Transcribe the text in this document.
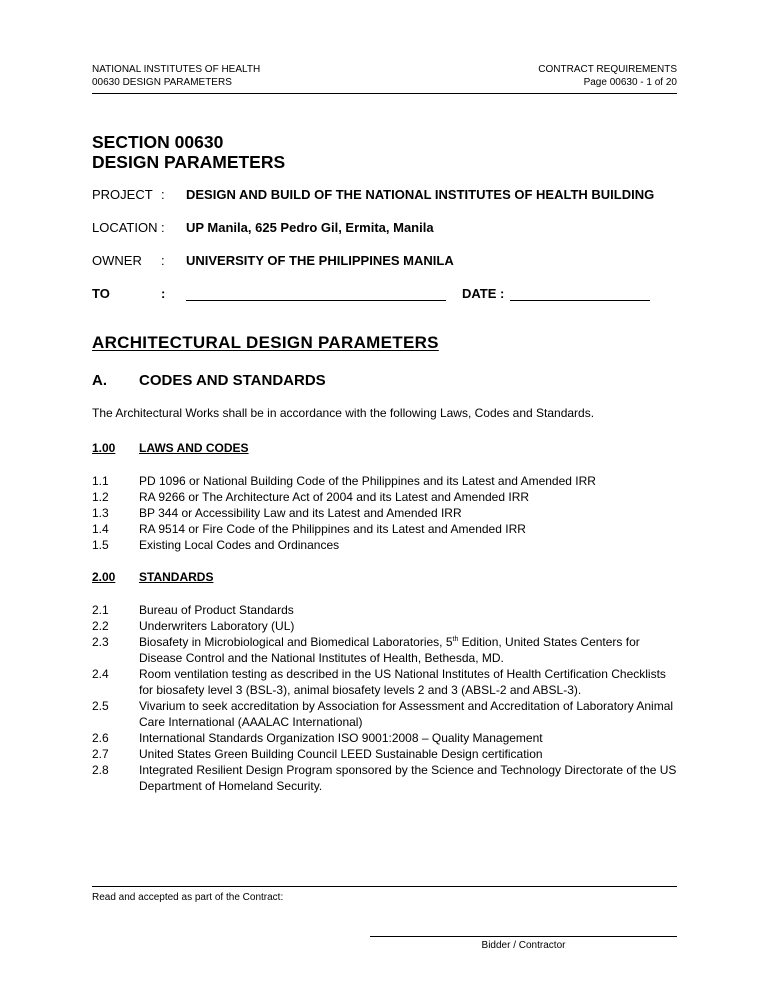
NATIONAL INSTITUTES OF HEALTH
00630 DESIGN PARAMETERS
CONTRACT REQUIREMENTS
Page 00630 - 1 of 20
SECTION 00630
DESIGN PARAMETERS
PROJECT : DESIGN AND BUILD OF THE NATIONAL INSTITUTES OF HEALTH BUILDING
LOCATION : UP Manila, 625 Pedro Gil, Ermita, Manila
OWNER : UNIVERSITY OF THE PHILIPPINES MANILA
TO	:	DATE :
ARCHITECTURAL DESIGN PARAMETERS
A. CODES AND STANDARDS
The Architectural Works shall be in accordance with the following Laws, Codes and Standards.
1.00 LAWS AND CODES
1.1	PD 1096 or National Building Code of the Philippines and its Latest and Amended IRR
1.2	RA 9266 or The Architecture Act of 2004 and its Latest and Amended IRR
1.3	BP 344 or Accessibility Law and its Latest and Amended IRR
1.4	RA 9514 or Fire Code of the Philippines and its Latest and Amended IRR
1.5	Existing Local Codes and Ordinances
2.00 STANDARDS
2.1	Bureau of Product Standards
2.2	Underwriters Laboratory (UL)
2.3	Biosafety in Microbiological and Biomedical Laboratories, 5th Edition, United States Centers for Disease Control and the National Institutes of Health, Bethesda, MD.
2.4	Room ventilation testing as described in the US National Institutes of Health Certification Checklists for biosafety level 3 (BSL-3), animal biosafety levels 2 and 3 (ABSL-2 and ABSL-3).
2.5	Vivarium to seek accreditation by Association for Assessment and Accreditation of Laboratory Animal Care International (AAALAC International)
2.6	International Standards Organization ISO 9001:2008 – Quality Management
2.7	United States Green Building Council LEED Sustainable Design certification
2.8	Integrated Resilient Design Program sponsored by the Science and Technology Directorate of the US Department of Homeland Security.
Read and accepted as part of the Contract:
Bidder / Contractor
